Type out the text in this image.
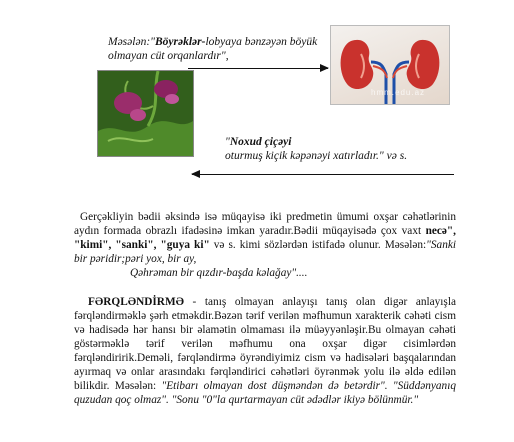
Məsələn:"Böyrəklər-lobyaya bənzəyən böyük olmayan cüt orqanlardır",
hmm.edu.az
"Noxud çiçəyi
oturmuş kiçik kəpənəyi xatırladır." və s.
Gerçəkliyin bədii əksində isə müqayisə iki predmetin ümumi oxşar cəhətlərinin aydın formada obrazlı ifadəsinə imkan yaradır.Bədii müqayisədə çox vaxt necə", "kimi", "sanki", "guya ki" və s. kimi sözlərdən istifadə olunur. Məsələn:"Sanki bir pəridir;pəri yox, bir ay,
Qəhrəman bir qızdır-başda kəlağay"....
FƏRQLƏNDİRMƏ - tanış olmayan anlayışı tanış olan digər anlayışla fərqləndirməklə şərh etməkdir.Bəzən tərif verilən məfhumun xarakterik cəhəti cism və hadisədə hər hansı bir əlamətin olmaması ilə müəyyənləşir.Bu olmayan cəhəti göstərməklə tərif verilən məfhumu ona oxşar digər cisimlərdən fərqləndiririk.Deməli, fərqləndirmə öyrəndiyimiz cism və hadisələri başqalarından ayırmaq və onlar arasındakı fərqləndirici cəhətləri öyrənmək yolu ilə əldə edilən bilikdir. Məsələn: "Etibarı olmayan dost düşməndən də betərdir". "Süddənyanıq quzudan qoç olmaz". "Sonu "0"la qurtarmayan cüt ədədlər ikiyə bölünmür."
